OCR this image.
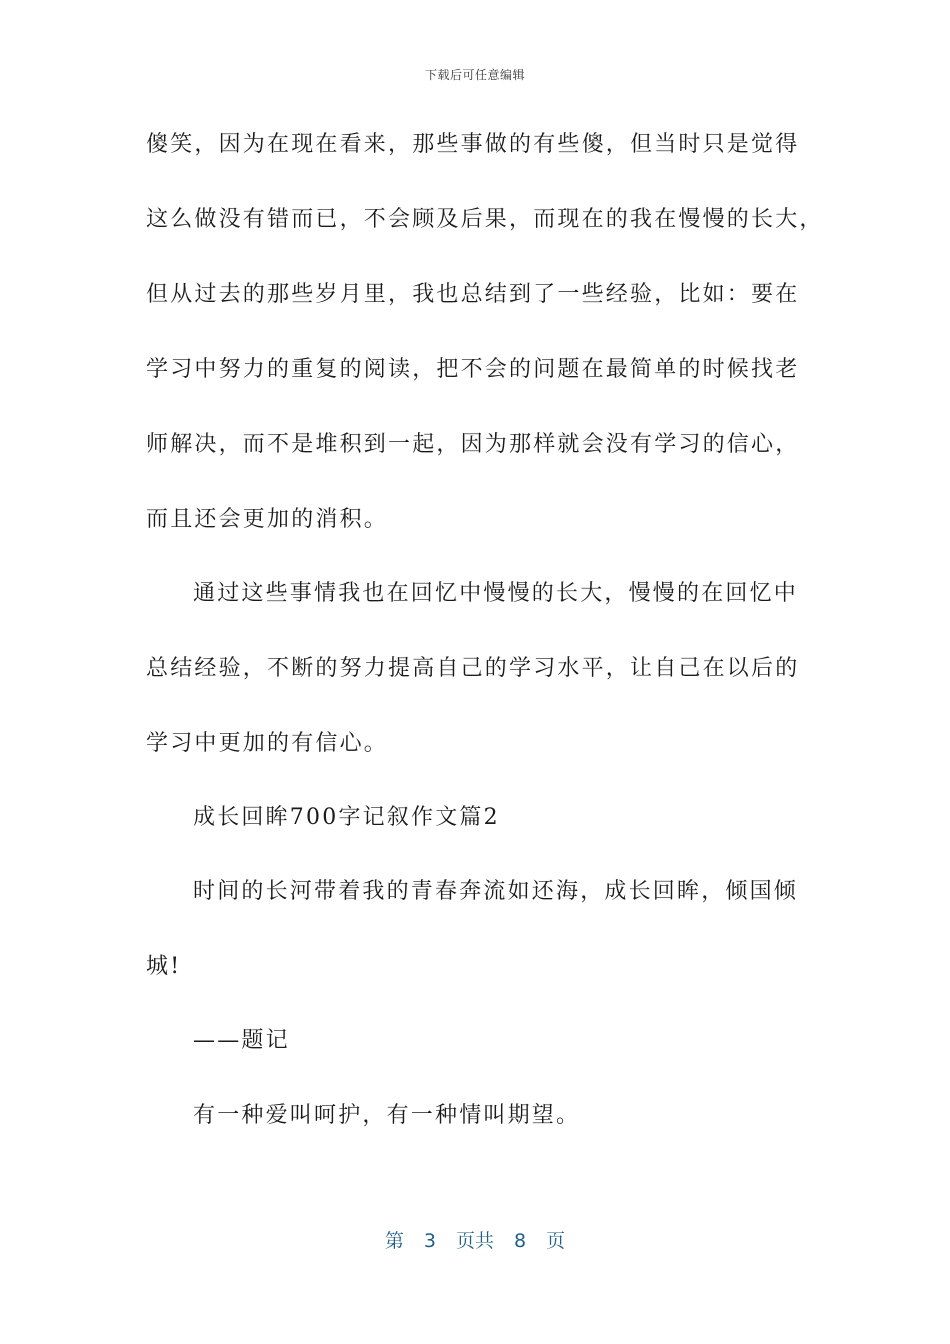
下载后可任意编辑
傻笑，因为在现在看来，那些事做的有些傻，但当时只是觉得
这么做没有错而已，不会顾及后果，而现在的我在慢慢的长大，
但从过去的那些岁月里，我也总结到了一些经验，比如：要在
学习中努力的重复的阅读，把不会的问题在最简单的时候找老
师解决，而不是堆积到一起，因为那样就会没有学习的信心，
而且还会更加的消积。
通过这些事情我也在回忆中慢慢的长大，慢慢的在回忆中
总结经验，不断的努力提高自己的学习水平，让自己在以后的
学习中更加的有信心。
成长回眸700字记叙作文篇2
时间的长河带着我的青春奔流如还海，成长回眸，倾国倾
城!
——题记
有一种爱叫呵护，有一种情叫期望。
第 3 页共 8 页
